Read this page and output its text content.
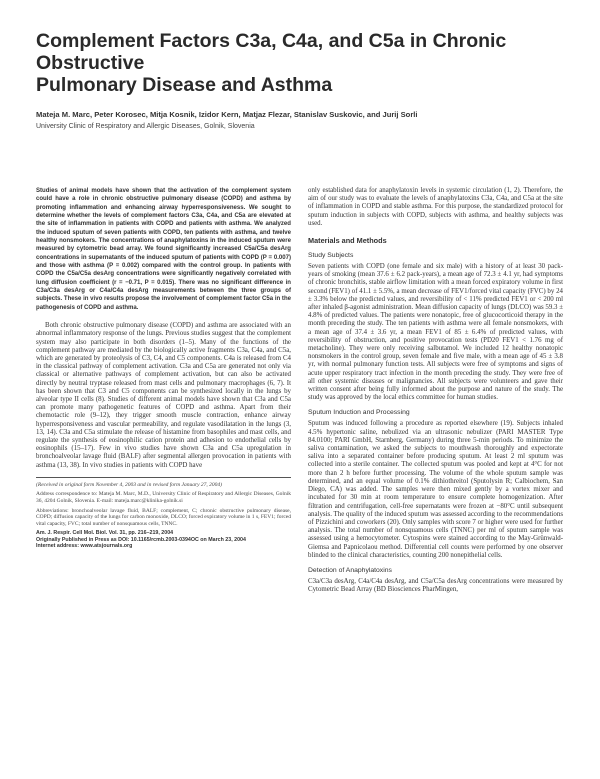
Complement Factors C3a, C4a, and C5a in Chronic Obstructive
Pulmonary Disease and Asthma
Mateja M. Marc, Peter Korosec, Mitja Kosnik, Izidor Kern, Matjaz Flezar, Stanislav Suskovic, and Jurij Sorli
University Clinic of Respiratory and Allergic Diseases, Golnik, Slovenia
Studies of animal models have shown that the activation of the complement system could have a role in chronic obstructive pulmonary disease (COPD) and asthma by promoting inflammation and enhancing airway hyperresponsiveness. We sought to determine whether the levels of complement factors C3a, C4a, and C5a are elevated at the site of inflammation in patients with COPD and patients with asthma. We analyzed the induced sputum of seven patients with COPD, ten patients with asthma, and twelve healthy nonsmokers. The concentrations of anaphylatoxins in the induced sputum were measured by cytometric bead array. We found significantly increased C5a/C5a desArg concentrations in supernatants of the induced sputum of patients with COPD (P = 0.007) and those with asthma (P = 0.002) compared with the control group. In patients with COPD the C5a/C5a desArg concentrations were significantly negatively correlated with lung diffusion coefficient (r = −0.71, P = 0.015). There was no significant difference in C3a/C3a desArg or C4a/C4a desArg measurements between the three groups of subjects. These in vivo results propose the involvement of complement factor C5a in the pathogenesis of COPD and asthma.

Both chronic obstructive pulmonary disease (COPD) and asthma are associated with an abnormal inflammatory response of the lungs. Previous studies suggest that the complement system may also participate in both disorders (1–5). Many of the functions of the complement pathway are mediated by the biologically active fragments C3a, C4a, and C5a, which are generated by proteolysis of C3, C4, and C5 components. C4a is released from C4 in the classical pathway of complement activation. C3a and C5a are generated not only via classical or alternative pathways of complement activation, but can also be activated directly by neutral tryptase released from mast cells and pulmonary macrophages (6, 7). It has been shown that C3 and C5 components can be synthesized locally in the lungs by alveolar type II cells (8). Studies of different animal models have shown that C3a and C5a can promote many pathogenetic features of COPD and asthma. Apart from their chemotactic role (9–12), they trigger smooth muscle contraction, enhance airway hyperresponsiveness and vascular permeability, and regulate vasodilatation in the lungs (3, 13, 14). C3a and C5a stimulate the release of histamine from basophiles and mast cells, and regulate the synthesis of eosinophilic cation protein and adhesion to endothelial cells by eosinophils (15–17). Few in vivo studies have shown C3a and C5a upregulation in bronchoalveolar lavage fluid (BALF) after segmental allergen provocation in patients with asthma (13, 38). In vivo studies in patients with COPD have

(Received in original form November 4, 2003 and in revised form January 27, 2004)

Address correspondence to: Mateja M. Marc, M.D., University Clinic of Respiratory and Allergic Diseases, Golnik 36, 4204 Golnik, Slovenia. E-mail: mateja.marc@klinika-golnik.si

Abbreviations: bronchoalveolar lavage fluid, BALF; complement, C; chronic obstructive pulmonary disease, COPD; diffusion capacity of the lungs for carbon monoxide, DLCO; forced expiratory volume in 1 s, FEV1; forced vital capacity, FVC; total number of nonsquamous cells, TNNC.

Am. J. Respir. Cell Mol. Biol. Vol. 31, pp. 216–219, 2004
Originally Published in Press as DOI: 10.1165/rcmb.2003-0394OC on March 23, 2004
Internet address: www.atsjournals.org

only established data for anaphylatoxin levels in systemic circulation (1, 2). Therefore, the aim of our study was to evaluate the levels of anaphylatoxins C3a, C4a, and C5a at the site of inflammation in COPD and stable asthma. For this purpose, the standardized protocol for sputum induction in subjects with COPD, subjects with asthma, and healthy subjects was used.

Materials and Methods
Study Subjects

Seven patients with COPD (one female and six male) with a history of at least 30 pack-years of smoking (mean 37.6 ± 6.2 pack-years), a mean age of 72.3 ± 4.1 yr, had symptoms of chronic bronchitis, stable airflow limitation with a mean forced expiratory volume in first second (FEV1) of 41.1 ± 5.5%, a mean decrease of FEV1/forced vital capacity (FVC) by 24 ± 3.3% below the predicted values, and reversibility of < 11% predicted FEV1 or < 200 ml after inhaled β-agonist administration. Mean diffusion capacity of lungs (DLCO) was 59.3 ± 4.8% of predicted values. The patients were nonatopic, free of glucocorticoid therapy in the month preceding the study. The ten patients with asthma were all female nonsmokers, with a mean age of 37.4 ± 3.6 yr, a mean FEV1 of 85 ± 6.4% of predicted values, with reversibility of obstruction, and positive provocation tests (PD20 FEV1 < 1.76 mg of metacholine). They were only receiving salbutamol. We included 12 healthy nonatopic nonsmokers in the control group, seven female and five male, with a mean age of 45 ± 3.8 yr, with normal pulmonary function tests. All subjects were free of symptoms and signs of acute upper respiratory tract infection in the month preceding the study. They were free of all other systemic diseases or malignancies. All subjects were volunteers and gave their written consent after being fully informed about the purpose and nature of the study. The study was approved by the local ethics committee for human studies.

Sputum Induction and Processing

Sputum was induced following a procedure as reported elsewhere (19). Subjects inhaled 4.5% hypertonic saline, nebulized via an ultrasonic nebulizer (PARI MASTER Type 84.0100; PARI GmbH, Starnberg, Germany) during three 5-min periods. To minimize the saliva contamination, we asked the subjects to mouthwash thoroughly and expectorate saliva into a separated container before producing sputum. At least 2 ml sputum was collected into a sterile container. The collected sputum was pooled and kept at 4°C for not more than 2 h before further processing. The volume of the whole sputum sample was determined, and an equal volume of 0.1% dithiothreitol (Sputolysin R; Calbiochem, San Diego, CA) was added. The samples were then mixed gently by a vortex mixer and incubated for 30 min at room temperature to ensure complete homogenization. After filtration and centrifugation, cell-free supernatants were frozen at −80°C until subsequent analysis. The quality of the induced sputum was assessed according to the recommendations of Pizzichini and coworkers (20). Only samples with score 7 or higher were used for further analysis. The total number of nonsquamous cells (TNNC) per ml of sputum sample was assessed using a hemocytometer. Cytospins were stained according to the May-Grünwald-Giemsa and Papnicolaou method. Differential cell counts were performed by one observer blinded to the clinical characteristics, counting 200 nonepithelial cells.

Detection of Anaphylatoxins

C3a/C3a desArg, C4a/C4a desArg, and C5a/C5a desArg concentrations were measured by Cytometric Bead Array (BD Biosciences PharMingen,
